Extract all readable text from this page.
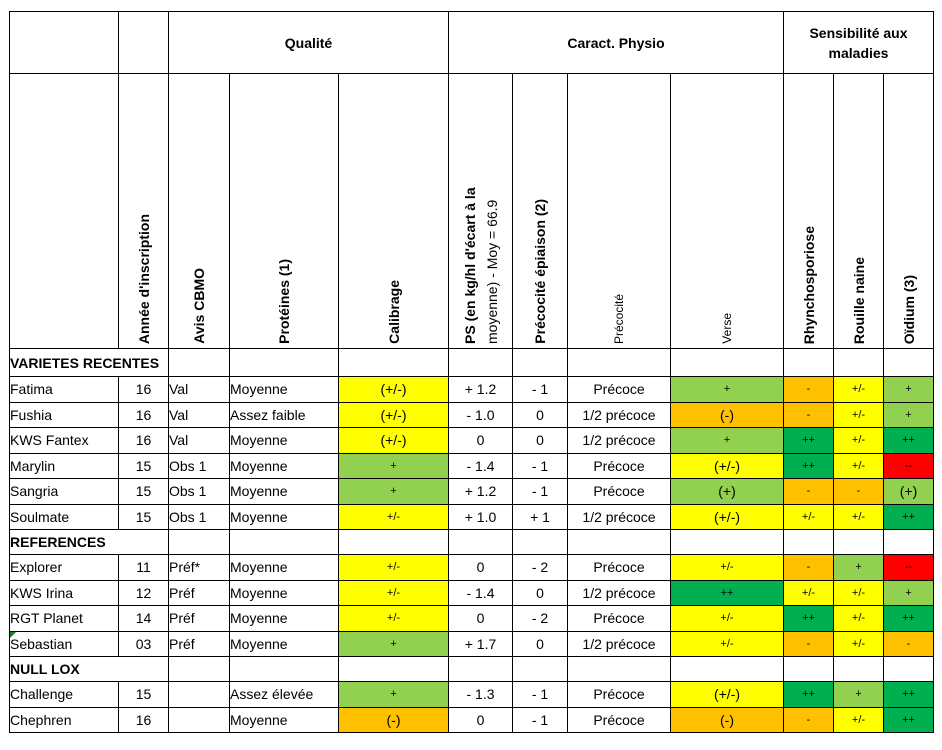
		Qualité			Caract. Physio				Sensibilité aux maladies		

	Année d'inscription	Avis CBMO	Protéines (1)	Calibrage	PS (en kg/hl d'écart à la moyenne) - Moy = 66.9	Précocité épiaison (2)	Précocité	Verse	Rhynchosporiose	Rouille naine	Oïdium (3)

VARIETES RECENTES											
Fatima	16	Val	Moyenne	(+/-)	+ 1.2	- 1	Précoce	+	-	+/-	+
Fushia	16	Val	Assez faible	(+/-)	- 1.0	0	1/2 précoce	(-)	-	+/-	+
KWS Fantex	16	Val	Moyenne	(+/-)	0	0	1/2 précoce	+	++	+/-	++
Marylin	15	Obs 1	Moyenne	+	- 1.4	- 1	Précoce	(+/-)	++	+/-	--
Sangria	15	Obs 1	Moyenne	+	+ 1.2	- 1	Précoce	(+)	-	-	(+)
Soulmate	15	Obs 1	Moyenne	+/-	+ 1.0	+ 1	1/2 précoce	(+/-)	+/-	+/-	++
REFERENCES											
Explorer	11	Préf*	Moyenne	+/-	0	- 2	Précoce	+/-	-	+	--
KWS Irina	12	Préf	Moyenne	+/-	- 1.4	0	1/2 précoce	++	+/-	+/-	+
RGT Planet	14	Préf	Moyenne	+/-	0	- 2	Précoce	+/-	++	+/-	++
Sebastian	03	Préf	Moyenne	+	+ 1.7	0	1/2 précoce	+/-	-	+/-	-
NULL LOX											
Challenge	15		Assez élevée	+	- 1.3	- 1	Précoce	(+/-)	++	+	++
Chephren	16		Moyenne	(-)	0	- 1	Précoce	(-)	-	+/-	++
